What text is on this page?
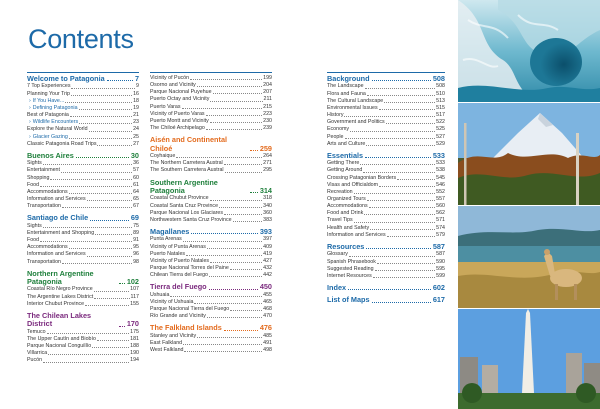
Contents
Welcome to Patagonia	7
7 Top Experiences	9
Planning Your Trip	16
› If You Have...	18
› Defining Patagonia	19
Best of Patagonia	21
› Wildlife Encounters	23
Explore the Natural World	24
› Glacier Gazing	25
Classic Patagonia Road Trips	27
Buenos Aires	30
Sights	36
Entertainment	57
Shopping	60
Food	61
Accommodations	64
Information and Services	65
Transportation	67
Santiago de Chile	69
Sights	75
Entertainment and Shopping	89
Food	91
Accommodations	95
Information and Services	96
Transportation	98
Northern Argentine Patagonia	102
Coastal Río Negro Province	107
The Argentine Lakes District	117
Interior Chubut Province	155
The Chilean Lakes District	170
Temuco	175
The Upper Cautín and Biobío	181
Parque Nacional Conguillío	188
Villarrica	190
Pucón	194
Vicinity of Pucón	199
Osorno and Vicinity	204
Parque Nacional Puyehue	207
Puerto Octay and Vicinity	211
Puerto Varas	215
Vicinity of Puerto Varas	223
Puerto Montt and Vicinity	230
The Chiloé Archipelago	239
Aisén and Continental Chiloé	259
Coyhaique	264
The Northern Carretera Austral	271
The Southern Carretera Austral	295
Southern Argentine Patagonia	314
Coastal Chubut Province	318
Coastal Santa Cruz Province	340
Parque Nacional Los Glaciares	360
Northwestern Santa Cruz Province	383
Magallanes	393
Punta Arenas	397
Vicinity of Punta Arenas	409
Puerto Natales	419
Vicinity of Puerto Natales	427
Parque Nacional Torres del Paine	432
Chilean Tierra del Fuego	442
Tierra del Fuego	450
Ushuaia	455
Vicinity of Ushuaia	465
Parque Nacional Tierra del Fuego	468
Río Grande and Vicinity	470
The Falkland Islands	476
Stanley and Vicinity	485
East Falkland	491
West Falkland	498
Background	508
The Landscape	508
Flora and Fauna	510
The Cultural Landscape	513
Environmental Issues	515
History	517
Government and Politics	522
Economy	525
People	527
Arts and Culture	529
Essentials	533
Getting There	533
Getting Around	538
Crossing Patagonian Borders	545
Visas and Officialdom	546
Recreation	552
Organized Tours	557
Accommodations	560
Food and Drink	562
Travel Tips	571
Health and Safety	574
Information and Services	579
Resources	587
Glossary	587
Spanish Phrasebook	590
Suggested Reading	595
Internet Resources	599
Index	602
List of Maps	617
